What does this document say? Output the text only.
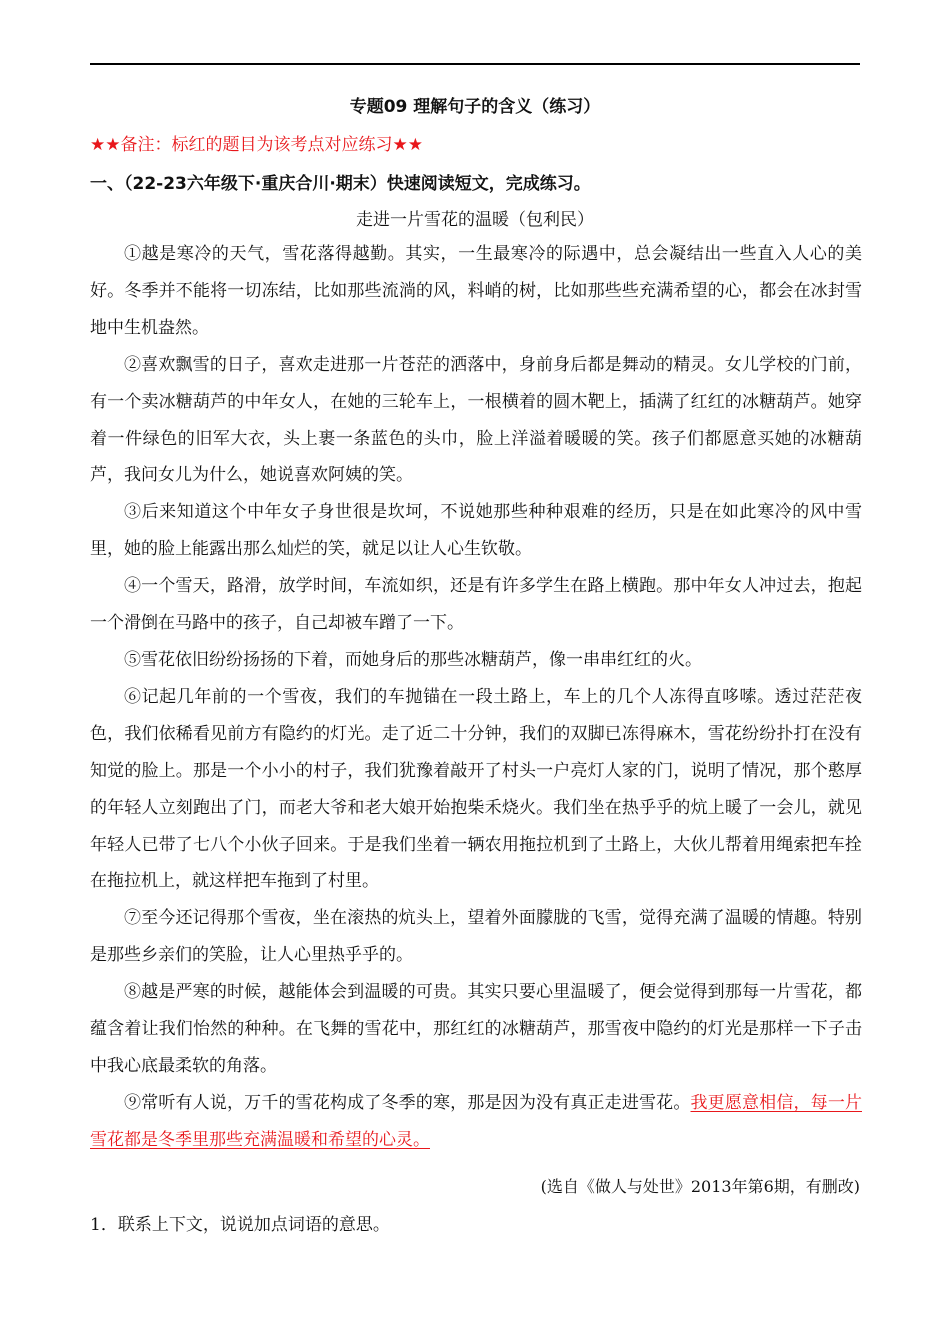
专题09 理解句子的含义（练习）
★★备注：标红的题目为该考点对应练习★★
一、（22-23六年级下·重庆合川·期末）快速阅读短文，完成练习。
走进一片雪花的温暖（包利民）

①越是寒冷的天气，雪花落得越勤。其实，一生最寒冷的际遇中，总会凝结出一些直入人心的美好。冬季并不能将一切冻结，比如那些流淌的风，料峭的树，比如那些些充满希望的心，都会在冰封雪地中生机盎然。

②喜欢飘雪的日子，喜欢走进那一片苍茫的洒落中，身前身后都是舞动的精灵。女儿学校的门前，有一个卖冰糖葫芦的中年女人，在她的三轮车上，一根横着的圆木靶上，插满了红红的冰糖葫芦。她穿着一件绿色的旧军大衣，头上裹一条蓝色的头巾，脸上洋溢着暖暖的笑。孩子们都愿意买她的冰糖葫芦，我问女儿为什么，她说喜欢阿姨的笑。

③后来知道这个中年女子身世很是坎坷，不说她那些种种艰难的经历，只是在如此寒冷的风中雪里，她的脸上能露出那么灿烂的笑，就足以让人心生钦敬。

④一个雪天，路滑，放学时间，车流如织，还是有许多学生在路上横跑。那中年女人冲过去，抱起一个滑倒在马路中的孩子，自己却被车蹭了一下。

⑤雪花依旧纷纷扬扬的下着，而她身后的那些冰糖葫芦，像一串串红红的火。

⑥记起几年前的一个雪夜，我们的车抛锚在一段土路上，车上的几个人冻得直哆嗦。透过茫茫夜色，我们依稀看见前方有隐约的灯光。走了近二十分钟，我们的双脚已冻得麻木，雪花纷纷扑打在没有知觉的脸上。那是一个小小的村子，我们犹豫着敲开了村头一户亮灯人家的门，说明了情况，那个憨厚的年轻人立刻跑出了门，而老大爷和老大娘开始抱柴禾烧火。我们坐在热乎乎的炕上暖了一会儿，就见年轻人已带了七八个小伙子回来。于是我们坐着一辆农用拖拉机到了土路上，大伙儿帮着用绳索把车拴在拖拉机上，就这样把车拖到了村里。

⑦至今还记得那个雪夜，坐在滚热的炕头上，望着外面朦胧的飞雪，觉得充满了温暖的情趣。特别是那些乡亲们的笑脸，让人心里热乎乎的。

⑧越是严寒的时候，越能体会到温暖的可贵。其实只要心里温暖了，便会觉得到那每一片雪花，都蕴含着让我们怡然的种种。在飞舞的雪花中，那红红的冰糖葫芦，那雪夜中隐约的灯光是那样一下子击中我心底最柔软的角落。

⑨常听有人说，万千的雪花构成了冬季的寒，那是因为没有真正走进雪花。我更愿意相信，每一片雪花都是冬季里那些充满温暖和希望的心灵。

(选自《做人与处世》2013年第6期，有删改)
1．联系上下文，说说加点词语的意思。
